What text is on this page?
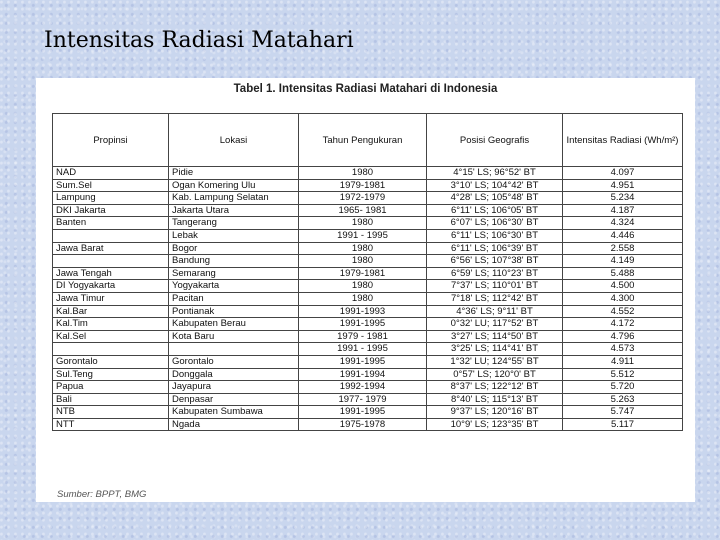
Intensitas Radiasi Matahari
Tabel 1. Intensitas Radiasi Matahari di Indonesia
Propinsi	Lokasi	Tahun Pengukuran	Posisi Geografis	Intensitas Radiasi (Wh/m²)
NAD	Pidie	1980	4°15' LS; 96°52' BT	4.097
Sum.Sel	Ogan Komering Ulu	1979-1981	3°10' LS; 104°42' BT	4.951
Lampung	Kab. Lampung Selatan	1972-1979	4°28' LS; 105°48' BT	5.234
DKI Jakarta	Jakarta Utara	1965- 1981	6°11' LS; 106°05' BT	4.187
Banten	Tangerang	1980	6°07' LS; 106°30' BT	4.324
	Lebak	1991 - 1995	6°11' LS; 106°30' BT	4.446
Jawa Barat	Bogor	1980	6°11' LS; 106°39' BT	2.558
	Bandung	1980	6°56' LS; 107°38' BT	4.149
Jawa Tengah	Semarang	1979-1981	6°59' LS; 110°23' BT	5.488
DI Yogyakarta	Yogyakarta	1980	7°37' LS; 110°01' BT	4.500
Jawa Timur	Pacitan	1980	7°18' LS; 112°42' BT	4.300
Kal.Bar	Pontianak	1991-1993	4°36' LS; 9°11' BT	4.552
Kal.Tim	Kabupaten Berau	1991-1995	0°32' LU; 117°52' BT	4.172
Kal.Sel	Kota Baru	1979 - 1981	3°27' LS; 114°50' BT	4.796
		1991 - 1995	3°25' LS; 114°41' BT	4.573
Gorontalo	Gorontalo	1991-1995	1°32' LU; 124°55' BT	4.911
Sul.Teng	Donggala	1991-1994	0°57' LS; 120°0' BT	5.512
Papua	Jayapura	1992-1994	8°37' LS; 122°12' BT	5.720
Bali	Denpasar	1977- 1979	8°40' LS; 115°13' BT	5.263
NTB	Kabupaten Sumbawa	1991-1995	9°37' LS; 120°16' BT	5.747
NTT	Ngada	1975-1978	10°9' LS; 123°35' BT	5.117
Sumber: BPPT, BMG
